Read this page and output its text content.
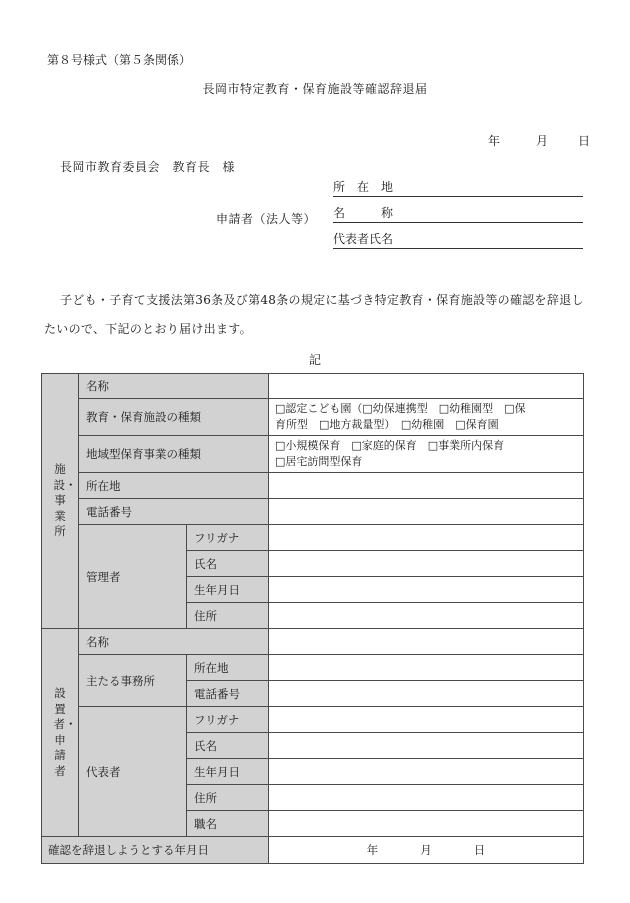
第８号様式（第５条関係）
長岡市特定教育・保育施設等確認辞退届
年	月	日
長岡市教育委員会　教育長　様
申請者（法人等）
所　在　地
名　　　称
代表者氏名
子ども・子育て支援法第36条及び第48条の規定に基づき特定教育・保育施設等の確認を辞退したいので、下記のとおり届け出ます。
記
施設・事業所	名称		
	教育・保育施設の種類		□認定こども園（□幼保連携型　□幼稚園型　□保
育所型　□地方裁量型）　□幼稚園　□保育園

	地域型保育事業の種類		□小規模保育　□家庭的保育　□事業所内保育
□居宅訪問型保育

	所在地		
	電話番号		
	管理者	フリガナ	
		氏名	
		生年月日	
		住所	

設置者・申請者	名称		
	主たる事務所	所在地	
		電話番号	
	代表者	フリガナ	
		氏名	
		生年月日	
		住所	
		職名	

確認を辞退しようとする年月日			年 月 日
